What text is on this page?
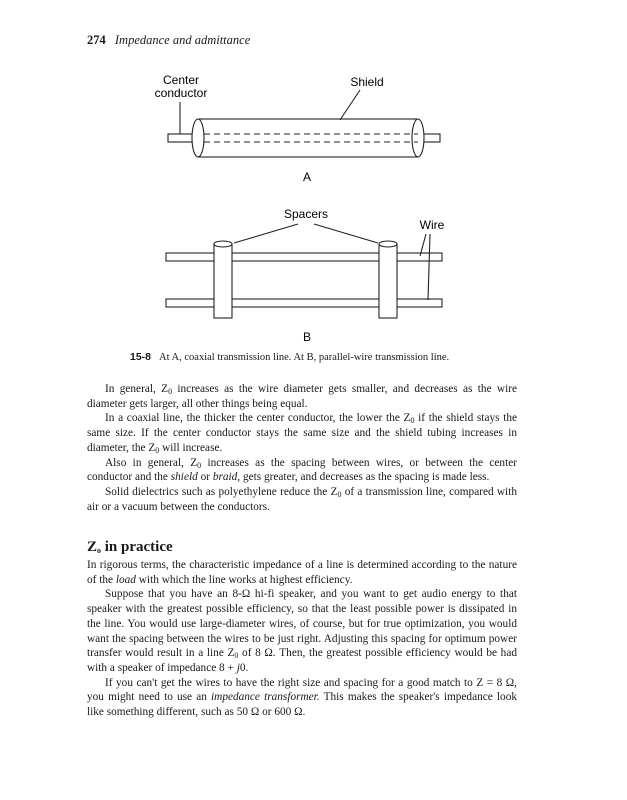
274 Impedance and admittance
Center
conductor
Shield
A
Spacers
Wire
B
15-8 At A, coaxial transmission line. At B, parallel-wire transmission line.

In general, $Z_0$ increases as the wire diameter gets smaller, and decreases as the wire diameter gets larger, all other things being equal.

In a coaxial line, the thicker the center conductor, the lower the $Z_0$ if the shield stays the same size. If the center conductor stays the same size and the shield tubing increases in diameter, the $Z_0$ will increase.

Also in general, $Z_0$ increases as the spacing between wires, or between the center conductor and the shield or braid, gets greater, and decreases as the spacing is made less.

Solid dielectrics such as polyethylene reduce the $Z_0$ of a transmission line, compared with air or a vacuum between the conductors.

$Z_o$ in practice

In rigorous terms, the characteristic impedance of a line is determined according to the nature of the load with which the line works at highest efficiency.

Suppose that you have an 8-Ω hi-fi speaker, and you want to get audio energy to that speaker with the greatest possible efficiency, so that the least possible power is dissipated in the line. You would use large-diameter wires, of course, but for true optimization, you would want the spacing between the wires to be just right. Adjusting this spacing for optimum power transfer would result in a line $Z_0$ of 8 Ω. Then, the greatest possible efficiency would be had with a speaker of impedance 8 + j0.

If you can't get the wires to have the right size and spacing for a good match to Z = 8 Ω, you might need to use an impedance transformer. This makes the speaker's impedance look like something different, such as 50 Ω or 600 Ω.
